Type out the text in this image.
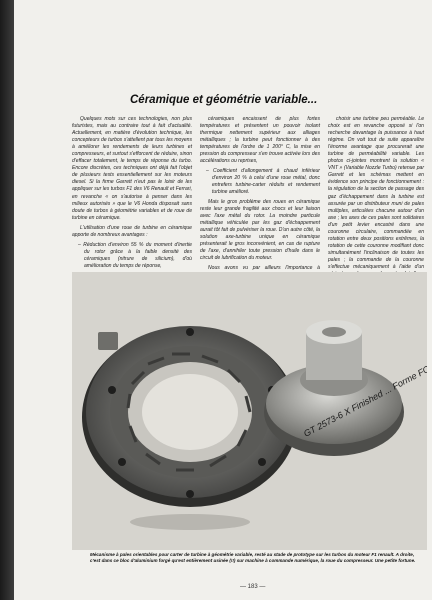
Céramique et géométrie variable...

Quelques mots sur ces technologies, non plus futuristes, mais au contraire tout à fait d'actualité. Actuellement, en matière d'évolution technique, les concepteurs de turbos s'attellent par tous les moyens à améliorer les rendements de leurs turbines et compresseurs, et surtout s'efforcent de réduire, sinon d'effacer totalement, le temps de réponse du turbo. Encore discrètes, ces techniques ont déjà fait l'objet de plusieurs tests essentiellement sur les moteurs diesel. Si la firme Garrett n'eut pas le loisir de les appliquer sur les turbos F1 des V6 Renault et Ferrari, en revanche « on s'autorise à penser dans les milieux autorisés » que le V6 Honda disposait sans doute de turbos à géométrie variables et de roue de turbine en céramique.

L'utilisation d'une roue de turbine en céramique apporte de nombreux avantages :

– Réduction d'environ 55 % du moment d'inertie du rotor grâce à la faible densité des céramiques (nitrure de silicium), d'où amélioration du temps de réponse,

céramiques encaissent de plus fortes températures et présentent un pouvoir isolant thermique nettement supérieur aux alliages métalliques ; la turbine peut fonctionner à des températures de l'ordre de 1 200° C, la mise en pression du compresseur s'en trouve activée lors des accélérations ou reprises,

– Coefficient d'allongement à chaud inférieur d'environ 20 % à celui d'une roue métal, donc entrefers turbine-carter réduits et rendement turbine amélioré.

Mais le gros problème des roues en céramique reste leur grande fragilité aux chocs et leur liaison avec l'axe métal du rotor. La moindre particule métallique véhiculée par les gaz d'échappement aurait tôt fait de pulvériser la roue. D'un autre côté, la solution axe-turbine unique en céramique présenterait le gros inconvénient, en cas de rupture de l'axe, d'annihiler toute pression d'huile dans le circuit de lubrification du moteur.

Nous avons vu par ailleurs l'importance à

choisir une turbine peu perméable. Le choix est en revanche opposé si l'on recherche davantage la puissance à haut régime. On voit tout de suite apparaître l'énorme avantage que procurerait une turbine de perméabilité variable. Les photos ci-jointes montrent la solution « VNT » (Variable Nozzle Turbo) retenue par Garrett et les schémas mettent en évidence son principe de fonctionnement : la régulation de la section de passage des gaz d'échappement dans la turbine est assurée par un distributeur muni de pales multiples, articulées chacune autour d'un axe ; les axes de ces pales sont solidaires d'un petit levier encastré dans une couronne circulaire, commandée en rotation entre deux positions extrêmes, la rotation de cette couronne modifiant donc simultanément l'inclinaison de toutes les pales ; la commande de la couronne s'effectue mécaniquement à l'aide d'un

GT 2573-6 X Finished ... Forme
Mécanisme à pales orientables pour carter de turbine à géométrie variable, resté au stade de prototype sur les turbos du moteur F1 renault. A droite, c'est dans ce bloc d'aluminium forgé qu'est entièrement usinée (!!) sur machine à commande numérique, la roue du compresseur. Une petite fortune.
— 183 —
